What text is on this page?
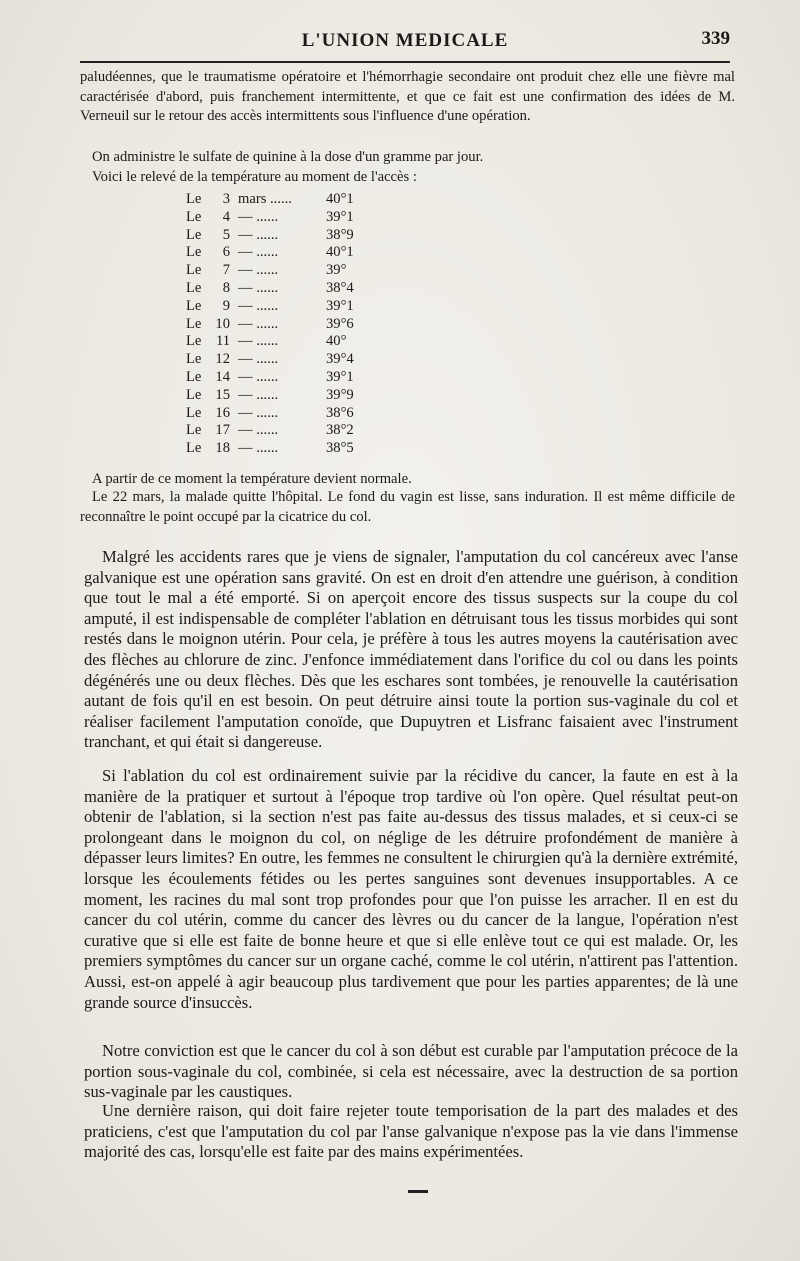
L'UNION MEDICALE	339

paludéennes, que le traumatisme opératoire et l'hémorrhagie secondaire ont produit chez elle une fièvre mal caractérisée d'abord, puis franchement intermittente, et que ce fait est une confirmation des idées de M. Verneuil sur le retour des accès intermittents sous l'influence d'une opération.

On administre le sulfate de quinine à la dose d'un gramme par jour.

Voici le relevé de la température au moment de l'accès :

Le 3 mars ...... 40°1
Le 4 — ......	39°1
Le 5 — ......	38°9
Le 6 — ......	40°1
Le 7 — ......	39°
Le 8 — ......	38°4
Le 9 — ......	39°1
Le 10 — ......	39°6
Le 11 — ......	40°
Le 12 — ......	39°4
Le 14 — ......	39°1
Le 15 — ......	39°9
Le 16 — ......	38°6
Le 17 — ......	38°2
Le 18 — ......	38°5

A partir de ce moment la température devient normale.

Le 22 mars, la malade quitte l'hôpital. Le fond du vagin est lisse, sans induration. Il est même difficile de reconnaître le point occupé par la cicatrice du col.

Malgré les accidents rares que je viens de signaler, l'amputation du col cancéreux avec l'anse galvanique est une opération sans gravité. On est en droit d'en attendre une guérison, à condition que tout le mal a été emporté. Si on aperçoit encore des tissus suspects sur la coupe du col amputé, il est indispensable de compléter l'ablation en détruisant tous les tissus morbides qui sont restés dans le moignon utérin. Pour cela, je préfère à tous les autres moyens la cautérisation avec des flèches au chlorure de zinc. J'enfonce immédiatement dans l'orifice du col ou dans les points dégénérés une ou deux flèches. Dès que les eschares sont tombées, je renouvelle la cautérisation autant de fois qu'il en est besoin. On peut détruire ainsi toute la portion sus-vaginale du col et réaliser facilement l'amputation conoïde, que Dupuytren et Lisfranc faisaient avec l'instrument tranchant, et qui était si dangereuse.

Si l'ablation du col est ordinairement suivie par la récidive du cancer, la faute en est à la manière de la pratiquer et surtout à l'époque trop tardive où l'on opère. Quel résultat peut-on obtenir de l'ablation, si la section n'est pas faite au-dessus des tissus malades, et si ceux-ci se prolongeant dans le moignon du col, on néglige de les détruire profondément de manière à dépasser leurs limites? En outre, les femmes ne consultent le chirurgien qu'à la dernière extrémité, lorsque les écoulements fétides ou les pertes sanguines sont devenues insupportables. A ce moment, les racines du mal sont trop profondes pour que l'on puisse les arracher. Il en est du cancer du col utérin, comme du cancer des lèvres ou du cancer de la langue, l'opération n'est curative que si elle est faite de bonne heure et que si elle enlève tout ce qui est malade. Or, les premiers symptômes du cancer sur un organe caché, comme le col utérin, n'attirent pas l'attention. Aussi, est-on appelé à agir beaucoup plus tardivement que pour les parties apparentes; de là une grande source d'insuccès.

Notre conviction est que le cancer du col à son début est curable par l'amputation précoce de la portion sous-vaginale du col, combinée, si cela est nécessaire, avec la destruction de sa portion sus-vaginale par les caustiques.

Une dernière raison, qui doit faire rejeter toute temporisation de la part des malades et des praticiens, c'est que l'amputation du col par l'anse galvanique n'expose pas la vie dans l'immense majorité des cas, lorsqu'elle est faite par des mains expérimentées.
